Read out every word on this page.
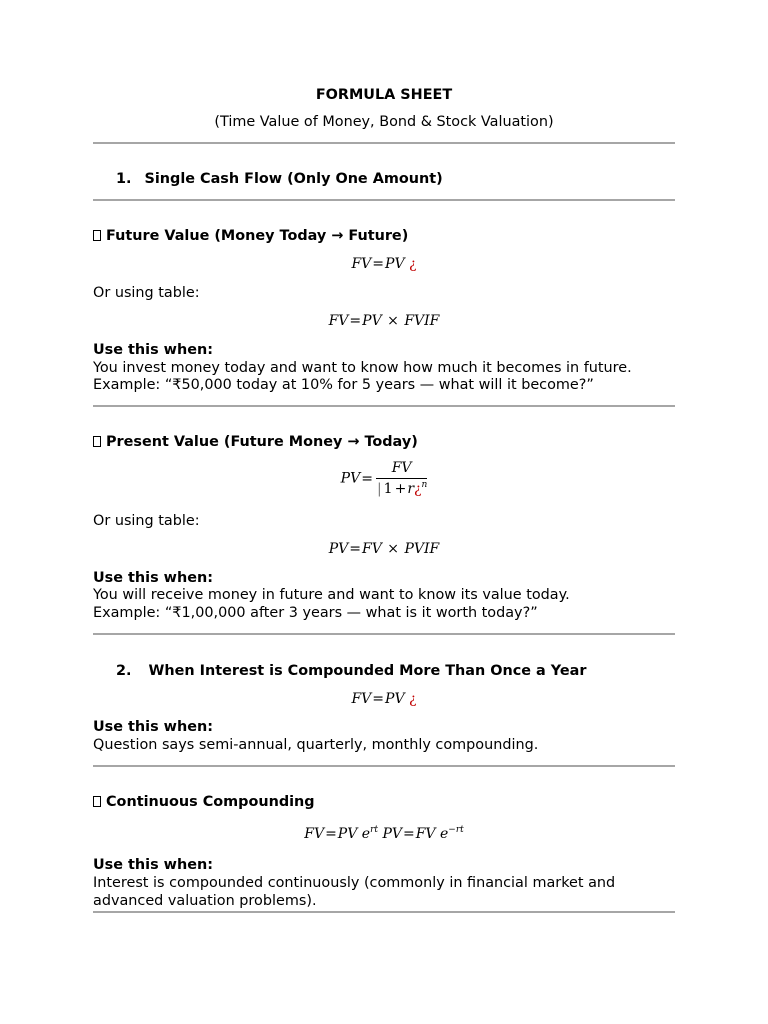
FORMULA SHEET
(Time Value of Money, Bond & Stock Valuation)
1. Single Cash Flow (Only One Amount)
Future Value (Money Today → Future)
FV=PV ¿
Or using table:
FV=PV × FVIF
Use this when:
You invest money today and want to know how much it becomes in future.
Example: “₹50,000 today at 10% for 5 years — what will it become?”
Present Value (Future Money → Today)
$PV= \frac{FV}{| 1 +r¿^n}$
Or using table:
PV=FV × PVIF
Use this when:
You will receive money in future and want to know its value today.
Example: “₹1,00,000 after 3 years — what is it worth today?”
2. When Interest is Compounded More Than Once a Year
FV=PV ¿
Use this when:
Question says semi-annual, quarterly, monthly compounding.
Continuous Compounding
FV=PV $e^{rt}$ PV=FV $e^{-rt}$
Use this when:
Interest is compounded continuously (commonly in financial market and
advanced valuation problems).
